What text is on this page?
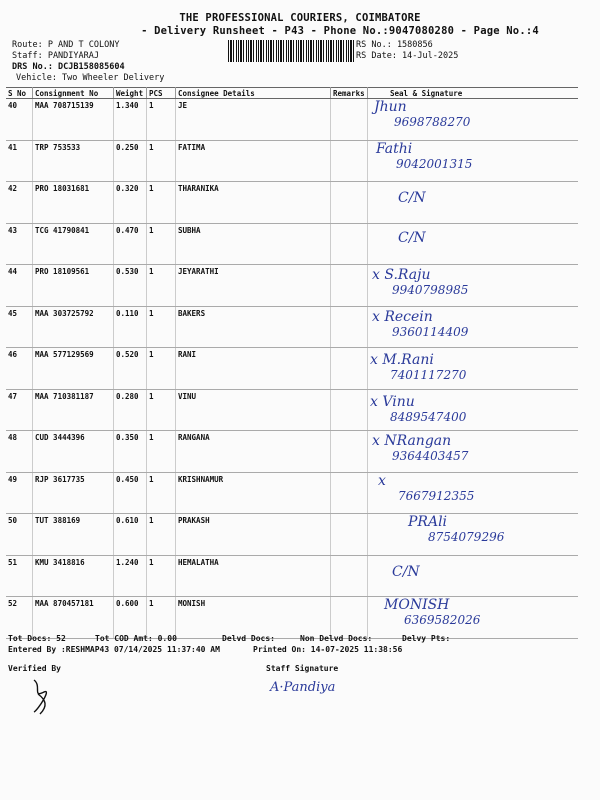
THE PROFESSIONAL COURIERS, COIMBATORE
- Delivery Runsheet - P43 - Phone No.:9047080280 - Page No.:4
Route: P AND T COLONY
Staff: PANDIYARAJ
DRS No.: DCJB158085604
Vehicle: Two Wheeler Delivery
RS No.: 1580856
RS Date: 14-Jul-2025
S No	Consignment No	Weight	PCS	Consignee Details	Remarks	Seal & Signature
40	MAA 708715139	1.340	1	JE		Jhun
9698788270

41	TRP 753533	0.250	1	FATIMA		Fathi
9042001315

42	PRO 18031681	0.320	1	THARANIKA		C/N

43	TCG 41790841	0.470	1	SUBHA		C/N

44	PRO 18109561	0.530	1	JEYARATHI		x S.Raju
9940798985

45	MAA 303725792	0.110	1	BAKERS		x Recein
9360114409

46	MAA 577129569	0.520	1	RANI		x M.Rani
7401117270

47	MAA 710381187	0.280	1	VINU		x Vinu
8489547400

48	CUD 3444396	0.350	1	RANGANA		x NRangan
9364403457

49	RJP 3617735	0.450	1	KRISHNAMUR		x
7667912355

50	TUT 388169	0.610	1	PRAKASH		PRAli
8754079296

51	KMU 3418816	1.240	1	HEMALATHA		C/N

52	MAA 870457181	0.600	1	MONISH		MONISH
6369582026
Tot Docs: 52	Tot COD Amt: 0.00	Delvd Docs:	Non Delvd Docs:	Delvy Pts:
Entered By :RESHMAP43 07/14/2025 11:37:40 AM	Printed On: 14-07-2025 11:38:56
Verified By	Staff Signature
A·Pandiya
